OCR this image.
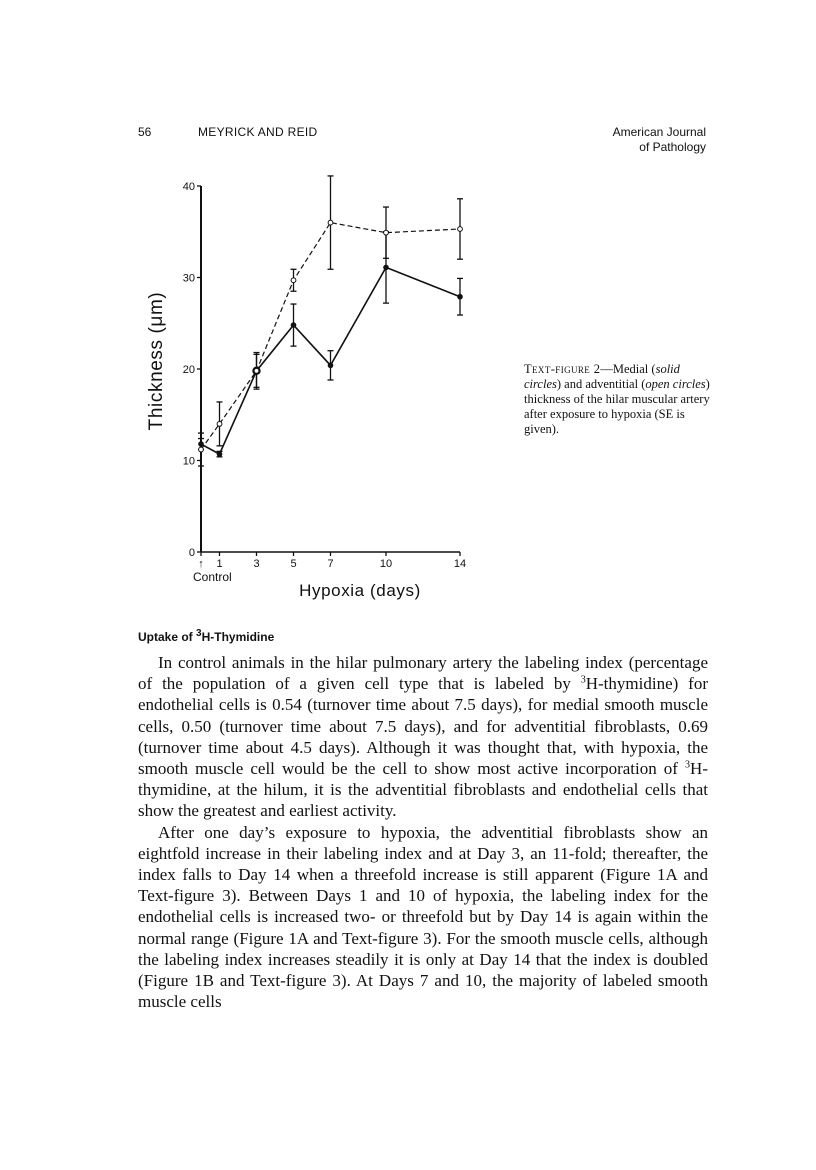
56	MEYRICK AND REID	American Journal
of Pathology
0
10
20
30
40
↑ 1	3	5	7	10	14
Control
Hypoxia (days)
Thickness (μm)	Text-figure 2—Medial (solid circles) and adventitial (open circles) thickness of the hilar muscular artery after exposure to hypoxia (SE is given).
Uptake of $^3$H-Thymidine

In control animals in the hilar pulmonary artery the labeling index (percentage of the population of a given cell type that is labeled by $^3$H-thymidine) for endothelial cells is 0.54 (turnover time about 7.5 days), for medial smooth muscle cells, 0.50 (turnover time about 7.5 days), and for adventitial fibroblasts, 0.69 (turnover time about 4.5 days). Although it was thought that, with hypoxia, the smooth muscle cell would be the cell to show most active incorporation of $^3$H-thymidine, at the hilum, it is the adventitial fibroblasts and endothelial cells that show the greatest and earliest activity.

After one day’s exposure to hypoxia, the adventitial fibroblasts show an eightfold increase in their labeling index and at Day 3, an 11-fold; thereafter, the index falls to Day 14 when a threefold increase is still apparent (Figure 1A and Text-figure 3). Between Days 1 and 10 of hypoxia, the labeling index for the endothelial cells is increased two- or threefold but by Day 14 is again within the normal range (Figure 1A and Text-figure 3). For the smooth muscle cells, although the labeling index increases steadily it is only at Day 14 that the index is doubled (Figure 1B and Text-figure 3). At Days 7 and 10, the majority of labeled smooth muscle cells
